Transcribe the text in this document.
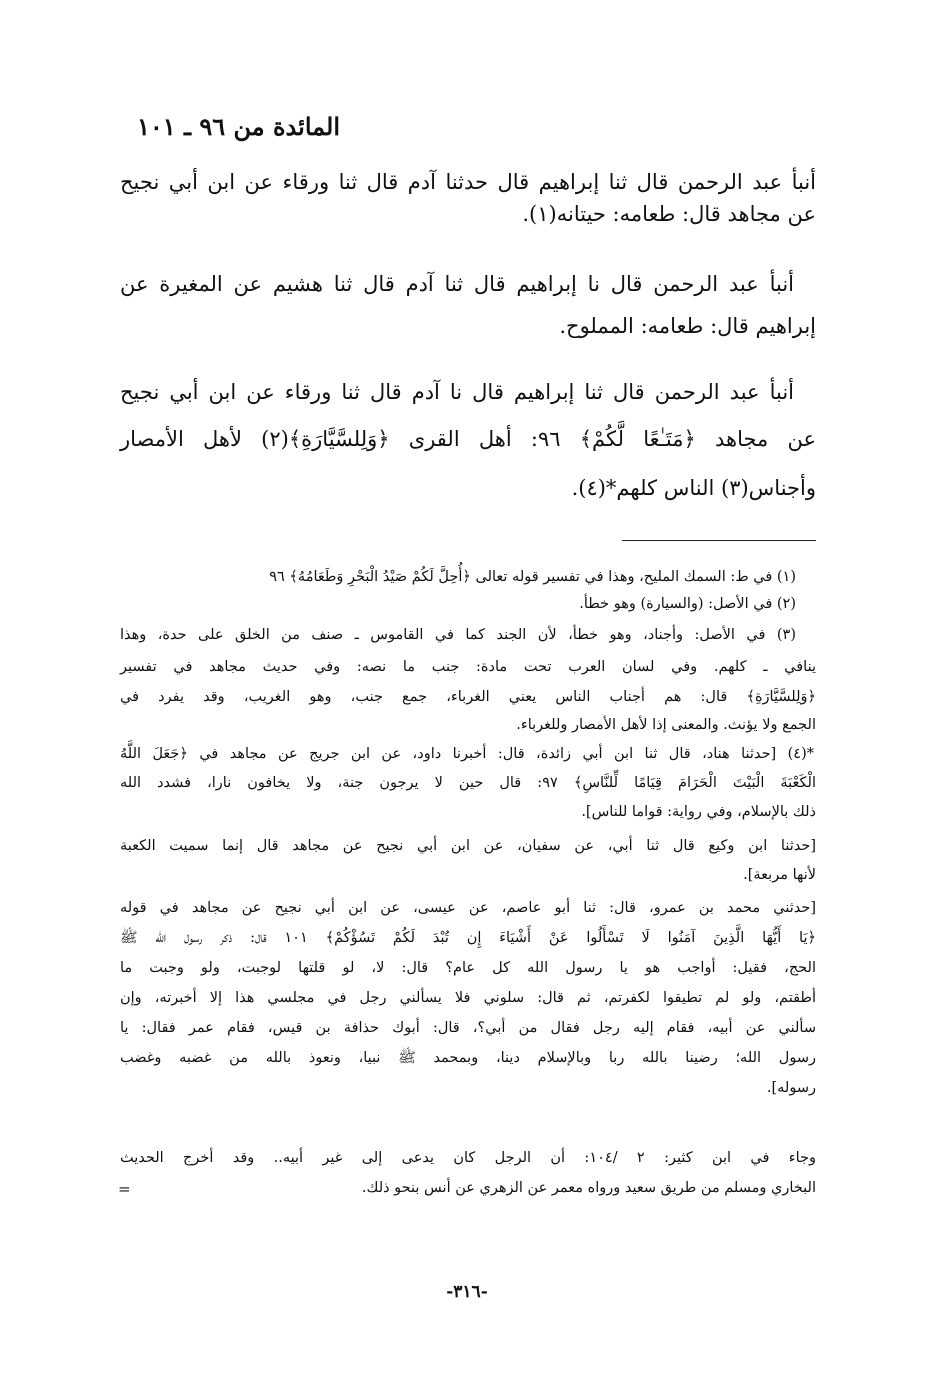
المائدة من ٩٦ ـ ١٠١
أنبأ عبد الرحمن قال ثنا إبراهيم قال حدثنا آدم قال ثنا ورقاء عن ابن أبي نجيح
عن مجاهد قال: طعامه: حيتانه(١).
أنبأ عبد الرحمن قال نا إبراهيم قال ثنا آدم قال ثنا هشيم عن المغيرة عن
إبراهيم قال: طعامه: المملوح.
أنبأ عبد الرحمن قال ثنا إبراهيم قال نا آدم قال ثنا ورقاء عن ابن أبي نجيح
عن مجاهد ﴿مَتَـٰعًا لَّكُمْ﴾ ٩٦: أهل القرى ﴿وَلِلسَّيَّارَةِ﴾(٢) لأهل الأمصار
وأجناس(٣) الناس كلهم*(٤).
(١) في ط: السمك المليح، وهذا في تفسير قوله تعالى ﴿أُحِلَّ لَكُمْ صَيْدُ الْبَحْرِ وَطَعَامُهُ﴾ ٩٦
(٢) في الأصل: (والسيارة) وهو خطأ.
(٣) في الأصل: وأجناد، وهو خطأ، لأن الجند كما في القاموس ـ صنف من الخلق على حدة، وهذا
ينافي ـ كلهم. وفي لسان العرب تحت مادة: جنب ما نصه: وفي حديث مجاهد في تفسير
﴿وَلِلسَّيَّارَةِ﴾ قال: هم أجناب الناس يعني الغرباء، جمع جنب، وهو الغريب، وقد يفرد في
الجمع ولا يؤنث. والمعنى إذا لأهل الأمصار وللغرباء.
*(٤) [حدثنا هناد، قال ثنا ابن أبي زائدة، قال: أخبرنا داود، عن ابن جريج عن مجاهد في ﴿جَعَلَ اللَّهُ
الْكَعْبَةَ الْبَيْتَ الْحَرَامَ قِيَامًا لِّلنَّاسِ﴾ ٩٧: قال حين لا يرجون جنة، ولا يخافون نارا، فشدد الله
ذلك بالإسلام، وفي رواية: قواما للناس].
[حدثنا ابن وكيع قال ثنا أبي، عن سفيان، عن ابن أبي نجيح عن مجاهد قال إنما سميت الكعبة
لأنها مربعة].
[حدثني محمد بن عمرو، قال: ثنا أبو عاصم، عن عيسى، عن ابن أبي نجيح عن مجاهد في قوله
﴿يَا أَيُّهَا الَّذِينَ آمَنُوا لَا تَسْأَلُوا عَنْ أَشْيَاءَ إِن تُبْدَ لَكُمْ تَسُؤْكُمْ﴾ ١٠١ قال: ذكر رسول الله ﷺ
الحج، فقيل: أواجب هو يا رسول الله كل عام؟ قال: لا، لو قلتها لوجبت، ولو وجبت ما
أطقتم، ولو لم تطيقوا لكفرتم، ثم قال: سلوني فلا يسألني رجل في مجلسي هذا إلا أخبرته، وإن
سألني عن أبيه، فقام إليه رجل فقال من أبي؟، قال: أبوك حذافة بن قيس، فقام عمر فقال: يا
رسول الله؛ رضينا بالله ربا وبالإسلام دينا، وبمحمد ﷺ نبيا، ونعوذ بالله من غضبه وغضب
رسوله].
وجاء في ابن كثير: ٢ /١٠٤: أن الرجل كان يدعى إلى غير أبيه.. وقد أخرج الحديث
البخاري ومسلم من طريق سعيد ورواه معمر عن الزهري عن أنس بنحو ذلك.
=
-٣١٦-
